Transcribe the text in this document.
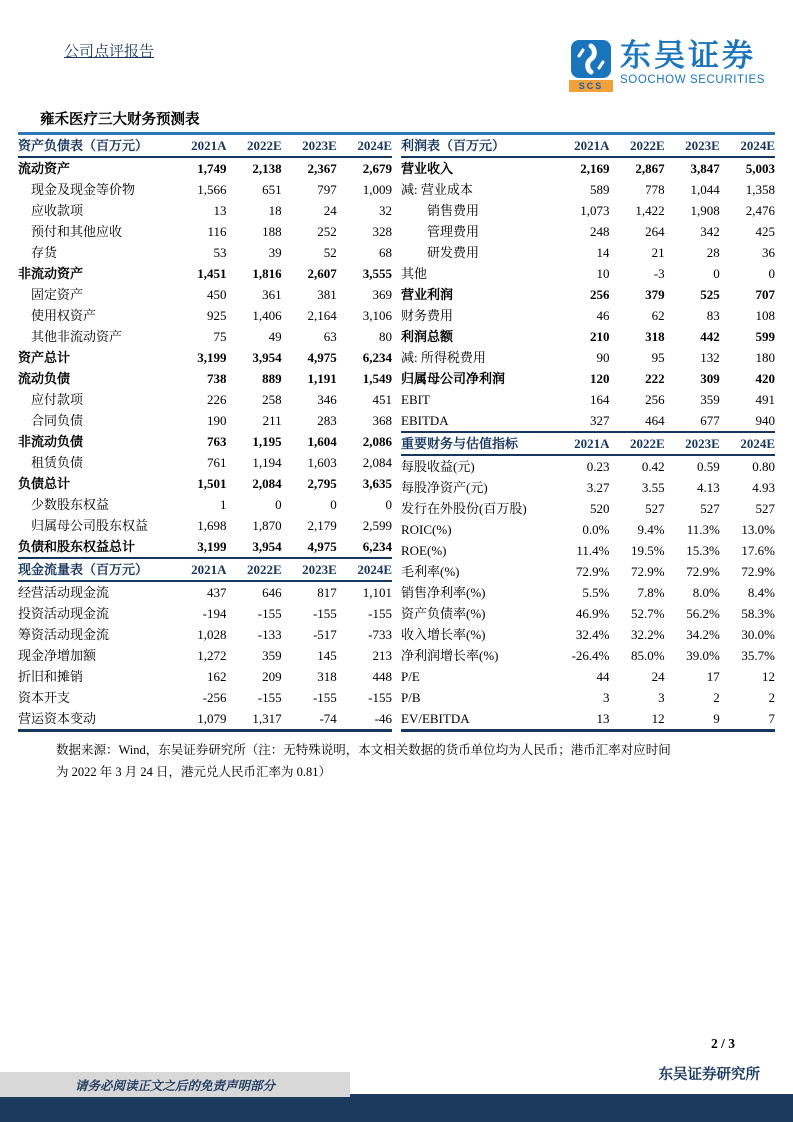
公司点评报告
SCS
东吴证券
SOOCHOW SECURITIES
雍禾医疗三大财务预测表
资产负债表（百万元）	2021A	2022E	2023E	2024E
流动资产	1,749	2,138	2,367	2,679
现金及现金等价物	1,566	651	797	1,009
应收款项	13	18	24	32
预付和其他应收	116	188	252	328
存货	53	39	52	68
非流动资产	1,451	1,816	2,607	3,555
固定资产	450	361	381	369
使用权资产	925	1,406	2,164	3,106
其他非流动资产	75	49	63	80
资产总计	3,199	3,954	4,975	6,234
流动负债	738	889	1,191	1,549
应付款项	226	258	346	451
合同负债	190	211	283	368
非流动负债	763	1,195	1,604	2,086
租赁负债	761	1,194	1,603	2,084
负债总计	1,501	2,084	2,795	3,635
少数股东权益	1	0	0	0
归属母公司股东权益	1,698	1,870	2,179	2,599
负债和股东权益总计	3,199	3,954	4,975	6,234
现金流量表（百万元）	2021A	2022E	2023E	2024E
经营活动现金流	437	646	817	1,101
投资活动现金流	-194	-155	-155	-155
筹资活动现金流	1,028	-133	-517	-733
现金净增加额	1,272	359	145	213
折旧和摊销	162	209	318	448
资本开支	-256	-155	-155	-155
营运资本变动	1,079	1,317	-74	-46
利润表（百万元）	2021A	2022E	2023E	2024E
营业收入	2,169	2,867	3,847	5,003
减: 营业成本	589	778	1,044	1,358
销售费用	1,073	1,422	1,908	2,476
管理费用	248	264	342	425
研发费用	14	21	28	36
其他	10	-3	0	0
营业利润	256	379	525	707
财务费用	46	62	83	108
利润总额	210	318	442	599
减: 所得税费用	90	95	132	180
归属母公司净利润	120	222	309	420
EBIT	164	256	359	491
EBITDA	327	464	677	940
重要财务与估值指标	2021A	2022E	2023E	2024E
每股收益(元)	0.23	0.42	0.59	0.80
每股净资产(元)	3.27	3.55	4.13	4.93
发行在外股份(百万股)	520	527	527	527
ROIC(%)	0.0%	9.4%	11.3%	13.0%
ROE(%)	11.4%	19.5%	15.3%	17.6%
毛利率(%)	72.9%	72.9%	72.9%	72.9%
销售净利率(%)	5.5%	7.8%	8.0%	8.4%
资产负债率(%)	46.9%	52.7%	56.2%	58.3%
收入增长率(%)	32.4%	32.2%	34.2%	30.0%
净利润增长率(%)	-26.4%	85.0%	39.0%	35.7%
P/E	44	24	17	12
P/B	3	3	2	2
EV/EBITDA	13	12	9	7
数据来源：Wind，东吴证券研究所（注：无特殊说明，本文相关数据的货币单位均为人民币；港币汇率对应时间
为 2022 年 3 月 24 日，港元兑人民币汇率为 0.81）
2 / 3
东吴证券研究所
请务必阅读正文之后的免责声明部分
